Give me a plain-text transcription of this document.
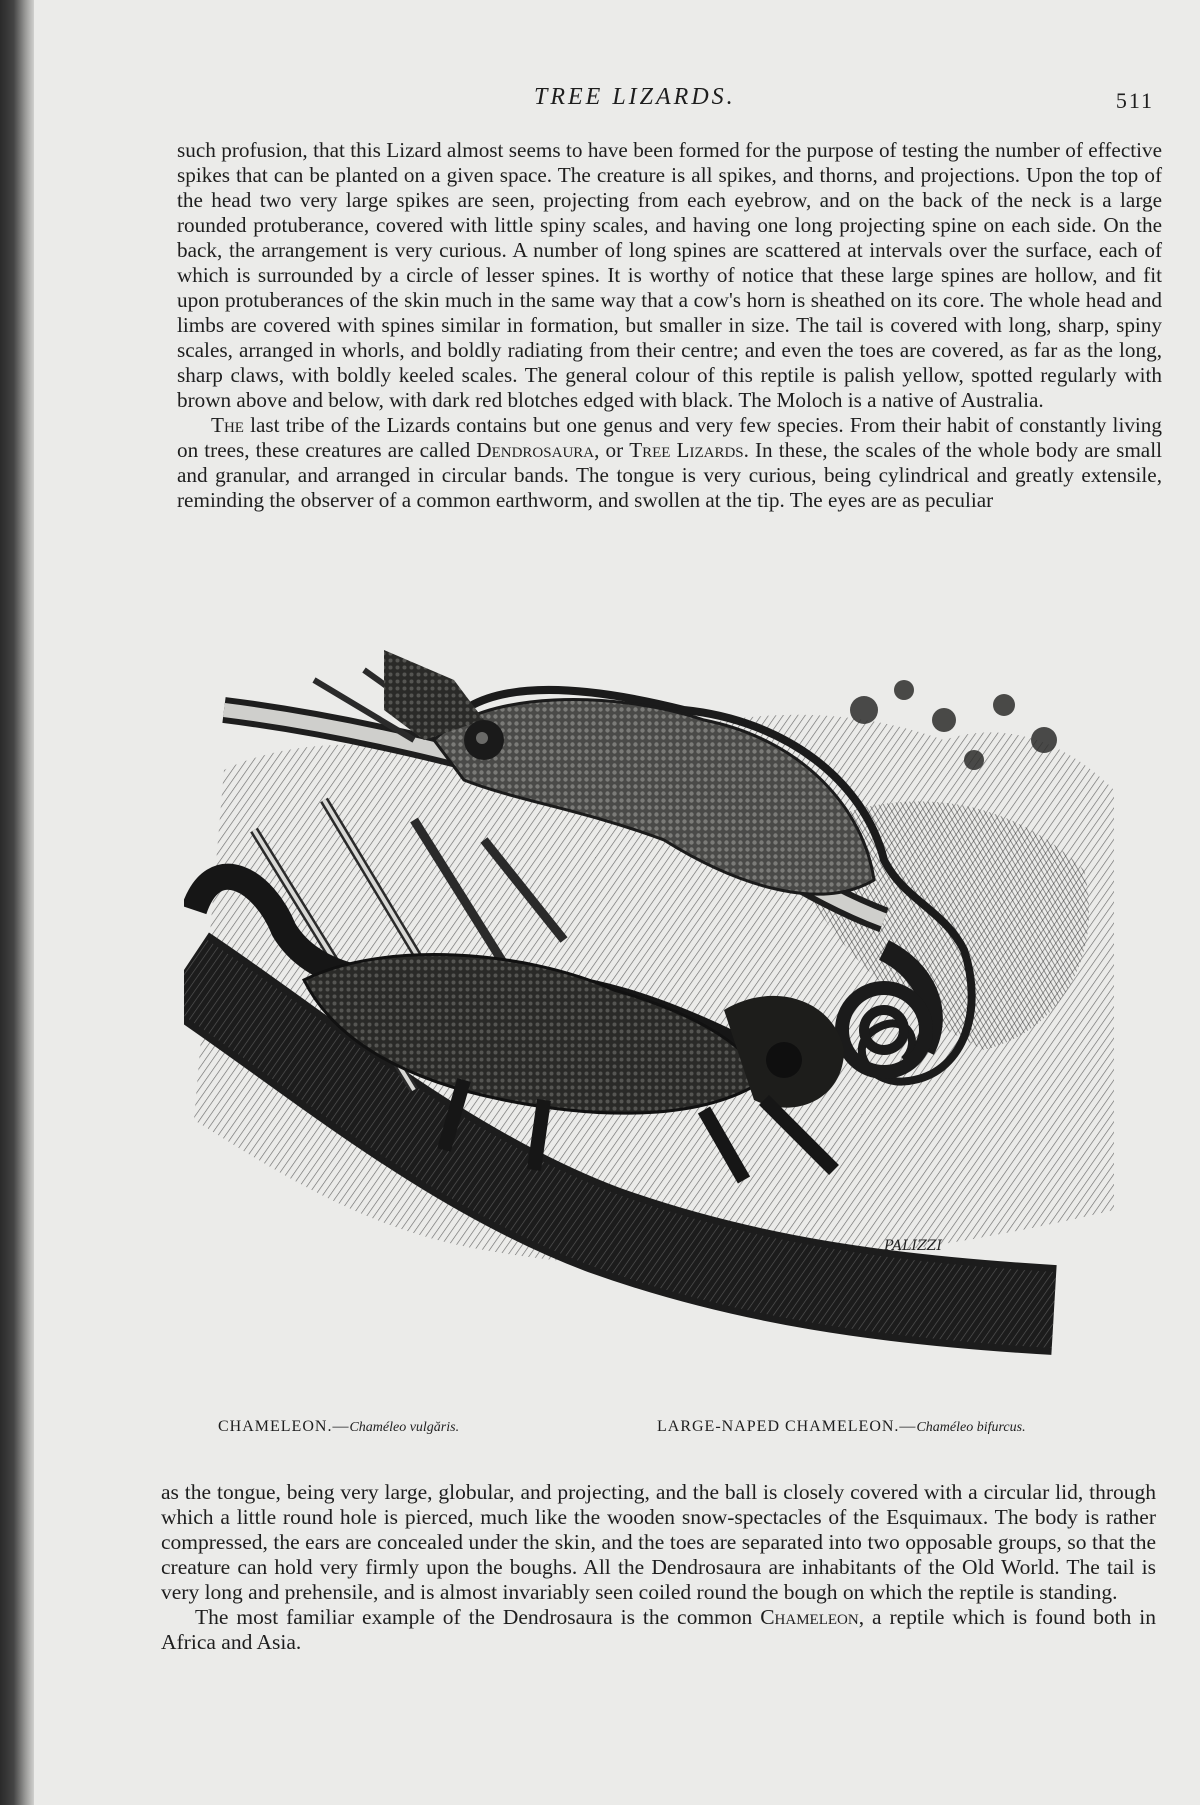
TREE LIZARDS.	511

such profusion, that this Lizard almost seems to have been formed for the purpose of testing the number of effective spikes that can be planted on a given space. The creature is all spikes, and thorns, and projections. Upon the top of the head two very large spikes are seen, projecting from each eyebrow, and on the back of the neck is a large rounded protuberance, covered with little spiny scales, and having one long projecting spine on each side. On the back, the arrangement is very curious. A number of long spines are scattered at intervals over the surface, each of which is surrounded by a circle of lesser spines. It is worthy of notice that these large spines are hollow, and fit upon protuberances of the skin much in the same way that a cow's horn is sheathed on its core. The whole head and limbs are covered with spines similar in formation, but smaller in size. The tail is covered with long, sharp, spiny scales, arranged in whorls, and boldly radiating from their centre; and even the toes are covered, as far as the long, sharp claws, with boldly keeled scales. The general colour of this reptile is palish yellow, spotted regularly with brown above and below, with dark red blotches edged with black. The Moloch is a native of Australia.

The last tribe of the Lizards contains but one genus and very few species. From their habit of constantly living on trees, these creatures are called Dendrosaura, or Tree Lizards. In these, the scales of the whole body are small and granular, and arranged in circular bands. The tongue is very curious, being cylindrical and greatly extensile, reminding the observer of a common earthworm, and swollen at the tip. The eyes are as peculiar

PALIZZI
CHAMELEON.—Chaméleo vulgăris.	LARGE-NAPED CHAMELEON.—Chaméleo bifurcus.

as the tongue, being very large, globular, and projecting, and the ball is closely covered with a circular lid, through which a little round hole is pierced, much like the wooden snow-spectacles of the Esquimaux. The body is rather compressed, the ears are concealed under the skin, and the toes are separated into two opposable groups, so that the creature can hold very firmly upon the boughs. All the Dendrosaura are inhabitants of the Old World. The tail is very long and prehensile, and is almost invariably seen coiled round the bough on which the reptile is standing.

The most familiar example of the Dendrosaura is the common Chameleon, a reptile which is found both in Africa and Asia.
